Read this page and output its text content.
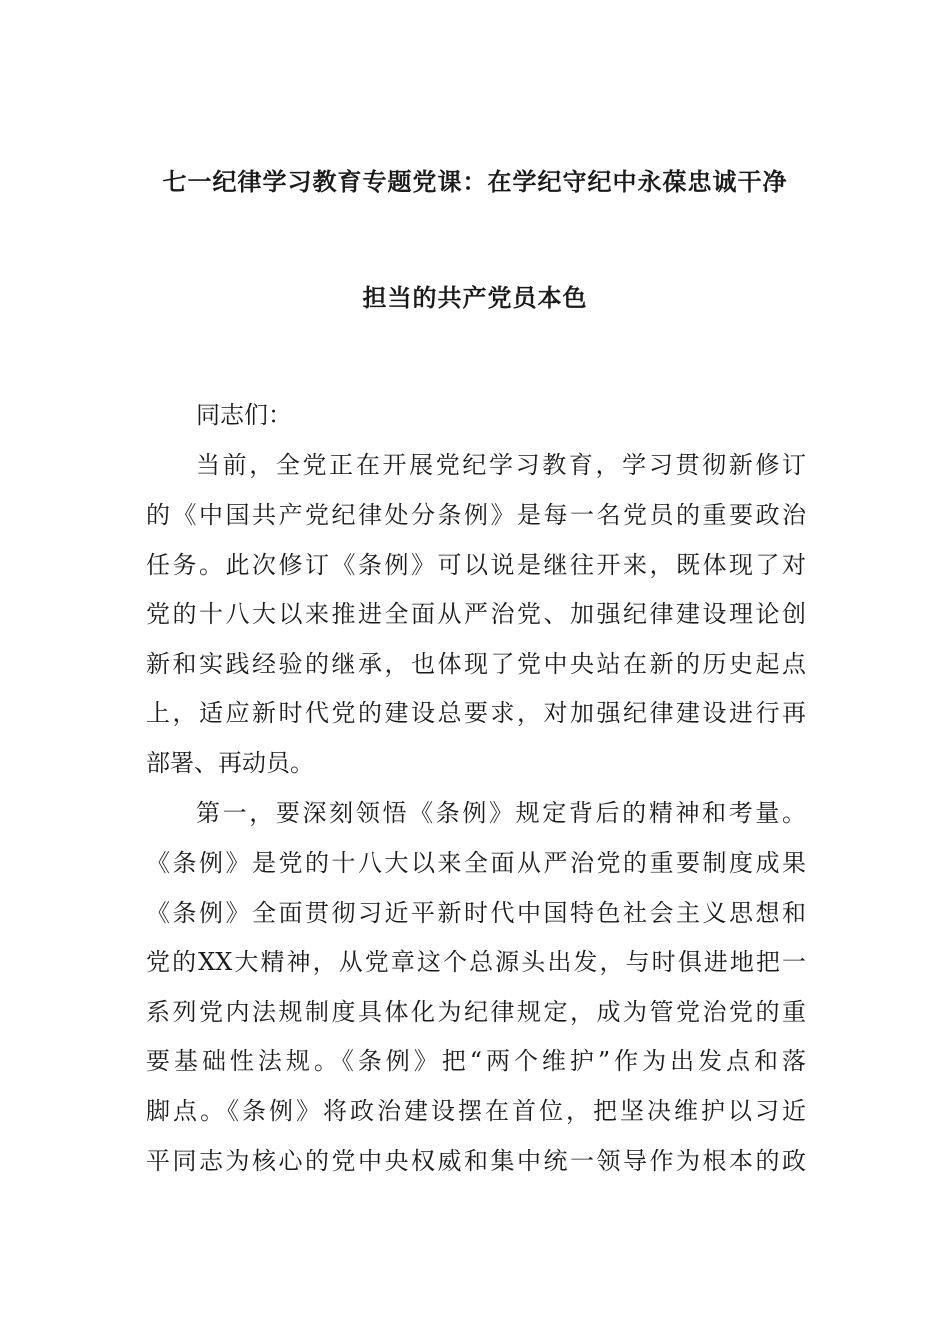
七一纪律学习教育专题党课：在学纪守纪中永葆忠诚干净
担当的共产党员本色
同志们：
当前，全党正在开展党纪学习教育，学习贯彻新修订
的《中国共产党纪律处分条例》是每一名党员的重要政治
任务。此次修订《条例》可以说是继往开来，既体现了对
党的十八大以来推进全面从严治党、加强纪律建设理论创
新和实践经验的继承，也体现了党中央站在新的历史起点
上，适应新时代党的建设总要求，对加强纪律建设进行再
部署、再动员。
第一，要深刻领悟《条例》规定背后的精神和考量。
《条例》是党的十八大以来全面从严治党的重要制度成果
《条例》全面贯彻习近平新时代中国特色社会主义思想和
党的XX大精神，从党章这个总源头出发，与时俱进地把一
系列党内法规制度具体化为纪律规定，成为管党治党的重
要基础性法规。《条例》把“两个维护”作为出发点和落
脚点。《条例》将政治建设摆在首位，把坚决维护以习近
平同志为核心的党中央权威和集中统一领导作为根本的政
